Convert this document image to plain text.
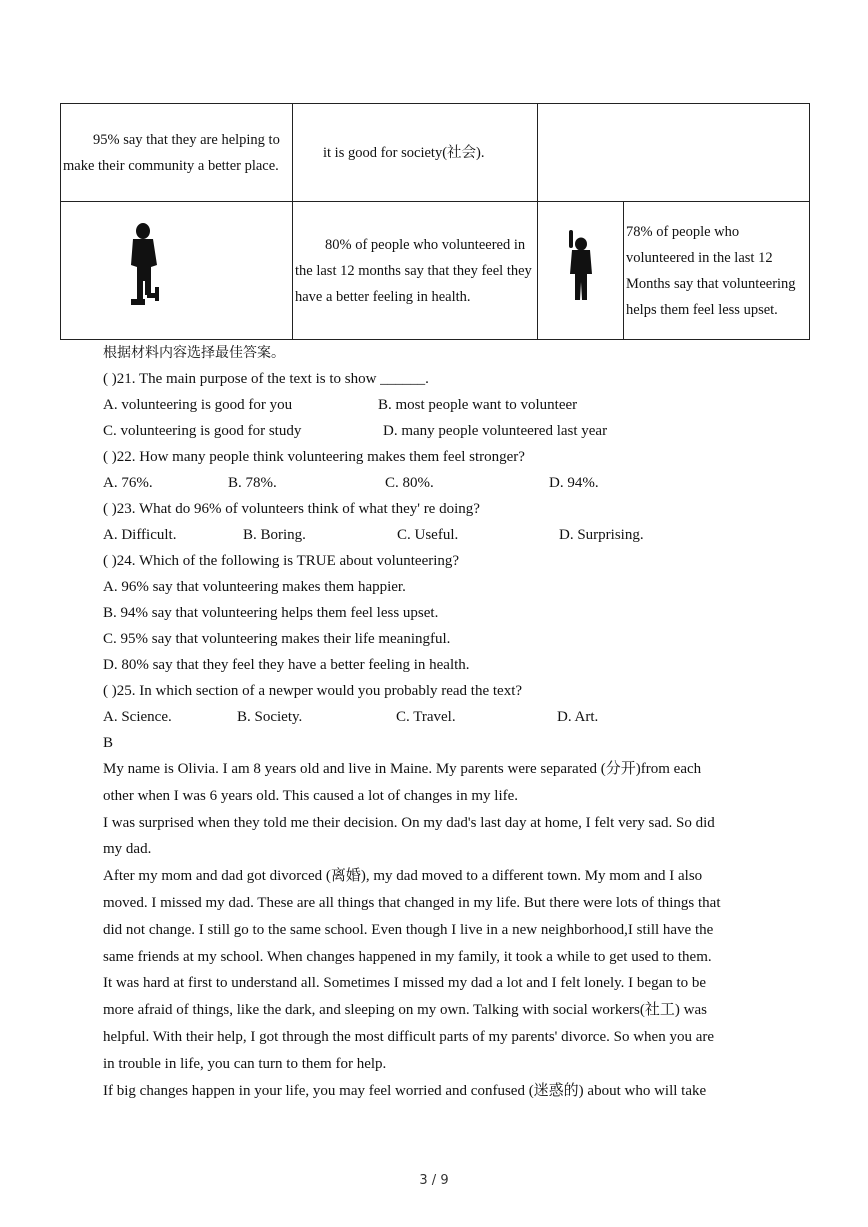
95% say that they are helping to make their community a better place.	it is good for society(社会).		

80% of people who volunteered in the last 12 months say that they feel they have a better feeling in health.		78% of people who volunteered in the last 12 Months say that volunteering helps them feel less upset.
根据材料内容选择最佳答案。
( )21. The main purpose of the text is to show ______.
A. volunteering is good for you	B. most people want to volunteer
C. volunteering is good for study	D. many people volunteered last year
( )22. How many people think volunteering makes them feel stronger?
A. 76%.	B. 78%.	C. 80%.	D. 94%.
( )23. What do 96% of volunteers think of what they' re doing?
A. Difficult.	B. Boring.	C. Useful.	D. Surprising.
( )24. Which of the following is TRUE about volunteering?
A. 96% say that volunteering makes them happier.
B. 94% say that volunteering helps them feel less upset.
C. 95% say that volunteering makes their life meaningful.
D. 80% say that they feel they have a better feeling in health.
( )25. In which section of a newper would you probably read the text?
A. Science.	B. Society.	C. Travel.	D. Art.
B

My name is Olivia. I am 8 years old and live in Maine. My parents were separated (分开)from each

other when I was 6 years old. This caused a lot of changes in my life.

I was surprised when they told me their decision. On my dad's last day at home, I felt very sad. So did

my dad.

After my mom and dad got divorced (离婚), my dad moved to a different town. My mom and I also

moved. I missed my dad. These are all things that changed in my life. But there were lots of things that

did not change. I still go to the same school. Even though I live in a new neighborhood,I still have the

same friends at my school. When changes happened in my family, it took a while to get used to them.

It was hard at first to understand all. Sometimes I missed my dad a lot and I felt lonely. I began to be

more afraid of things, like the dark, and sleeping on my own. Talking with social workers(社工) was

helpful. With their help, I got through the most difficult parts of my parents' divorce. So when you are

in trouble in life, you can turn to them for help.

If big changes happen in your life, you may feel worried and confused (迷惑的) about who will take

3 / 9
